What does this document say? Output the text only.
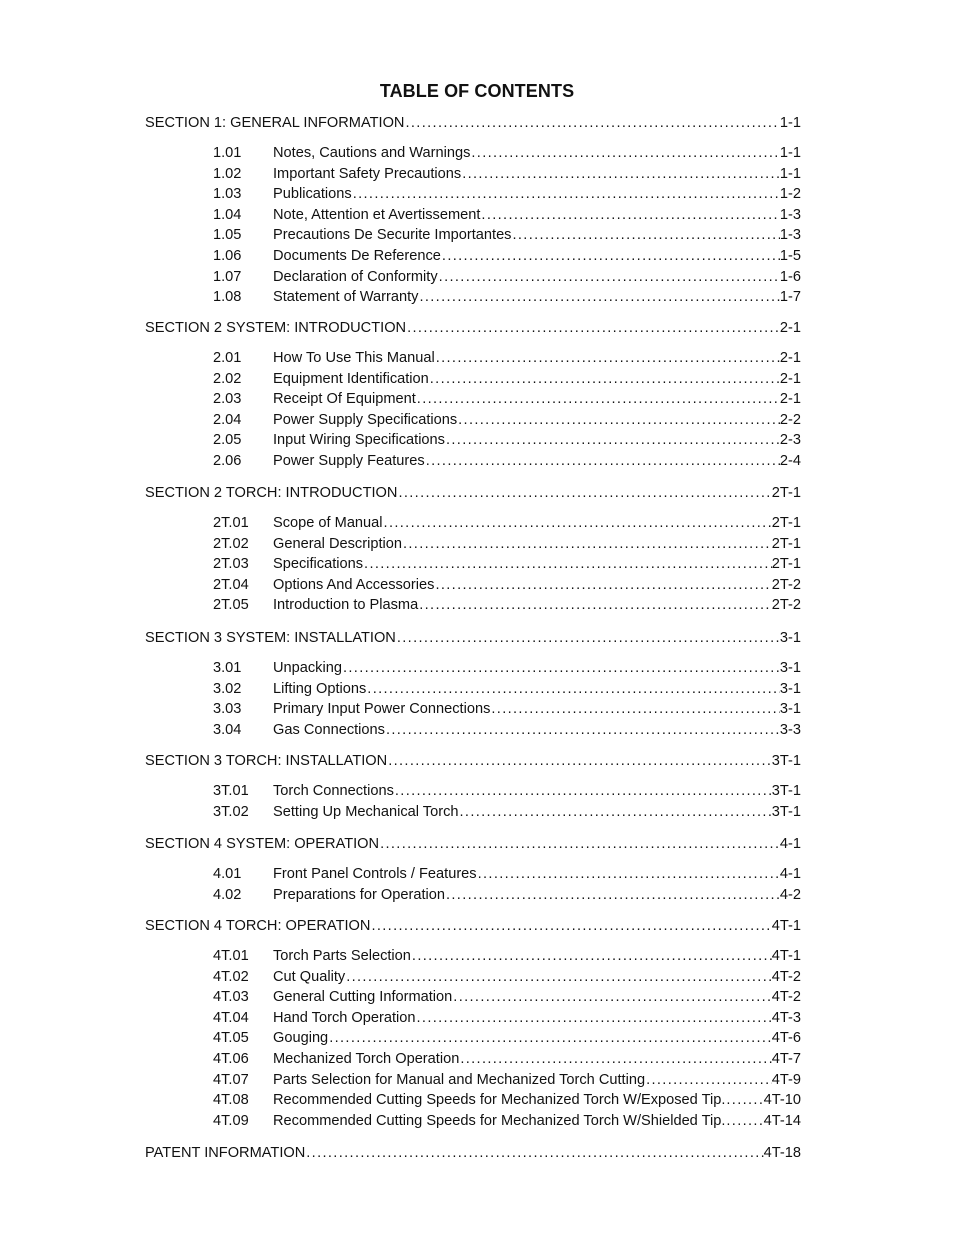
TABLE OF CONTENTS
SECTION 1: GENERAL INFORMATION . . .	1-1
1.01	Notes, Cautions and Warnings . . .	1-1
1.02	Important Safety Precautions . . .	1-1
1.03	Publications . . .	1-2
1.04	Note, Attention et Avertissement . . .	1-3
1.05	Precautions De Securite Importantes . . .	1-3
1.06	Documents De Reference . . .	1-5
1.07	Declaration of Conformity . . .	1-6
1.08	Statement of Warranty . . .	1-7
SECTION 2 SYSTEM: INTRODUCTION . . .	2-1
2.01	How To Use This Manual . . .	2-1
2.02	Equipment Identification . . .	2-1
2.03	Receipt Of Equipment . . .	2-1
2.04	Power Supply Specifications . . .	2-2
2.05	Input Wiring Specifications . . .	2-3
2.06	Power Supply Features . . .	2-4
SECTION 2 TORCH: INTRODUCTION . . .	2T-1
2T.01	Scope of Manual . . .	2T-1
2T.02	General Description . . .	2T-1
2T.03	Specifications . . .	2T-1
2T.04	Options And Accessories . . .	2T-2
2T.05	Introduction to Plasma . . .	2T-2
SECTION 3 SYSTEM: INSTALLATION . . .	3-1
3.01	Unpacking . . .	3-1
3.02	Lifting Options . . .	3-1
3.03	Primary Input Power Connections . . .	3-1
3.04	Gas Connections . . .	3-3
SECTION 3 TORCH: INSTALLATION . . .	3T-1
3T.01	Torch Connections . . .	3T-1
3T.02	Setting Up Mechanical Torch . . .	3T-1
SECTION 4 SYSTEM: OPERATION . . .	4-1
4.01	Front Panel Controls / Features . . .	4-1
4.02	Preparations for Operation . . .	4-2
SECTION 4 TORCH: OPERATION . . .	4T-1
4T.01	Torch Parts Selection . . .	4T-1
4T.02	Cut Quality . . .	4T-2
4T.03	General Cutting Information . . .	4T-2
4T.04	Hand Torch Operation . . .	4T-3
4T.05	Gouging . . .	4T-6
4T.06	Mechanized Torch Operation . . .	4T-7
4T.07	Parts Selection for Manual and Mechanized Torch Cutting . . .	4T-9
4T.08	Recommended Cutting Speeds for Mechanized Torch W/Exposed Tip. . . .	4T-10
4T.09	Recommended Cutting Speeds for Mechanized Torch W/Shielded Tip. . . .	4T-14
PATENT INFORMATION . . .	4T-18
